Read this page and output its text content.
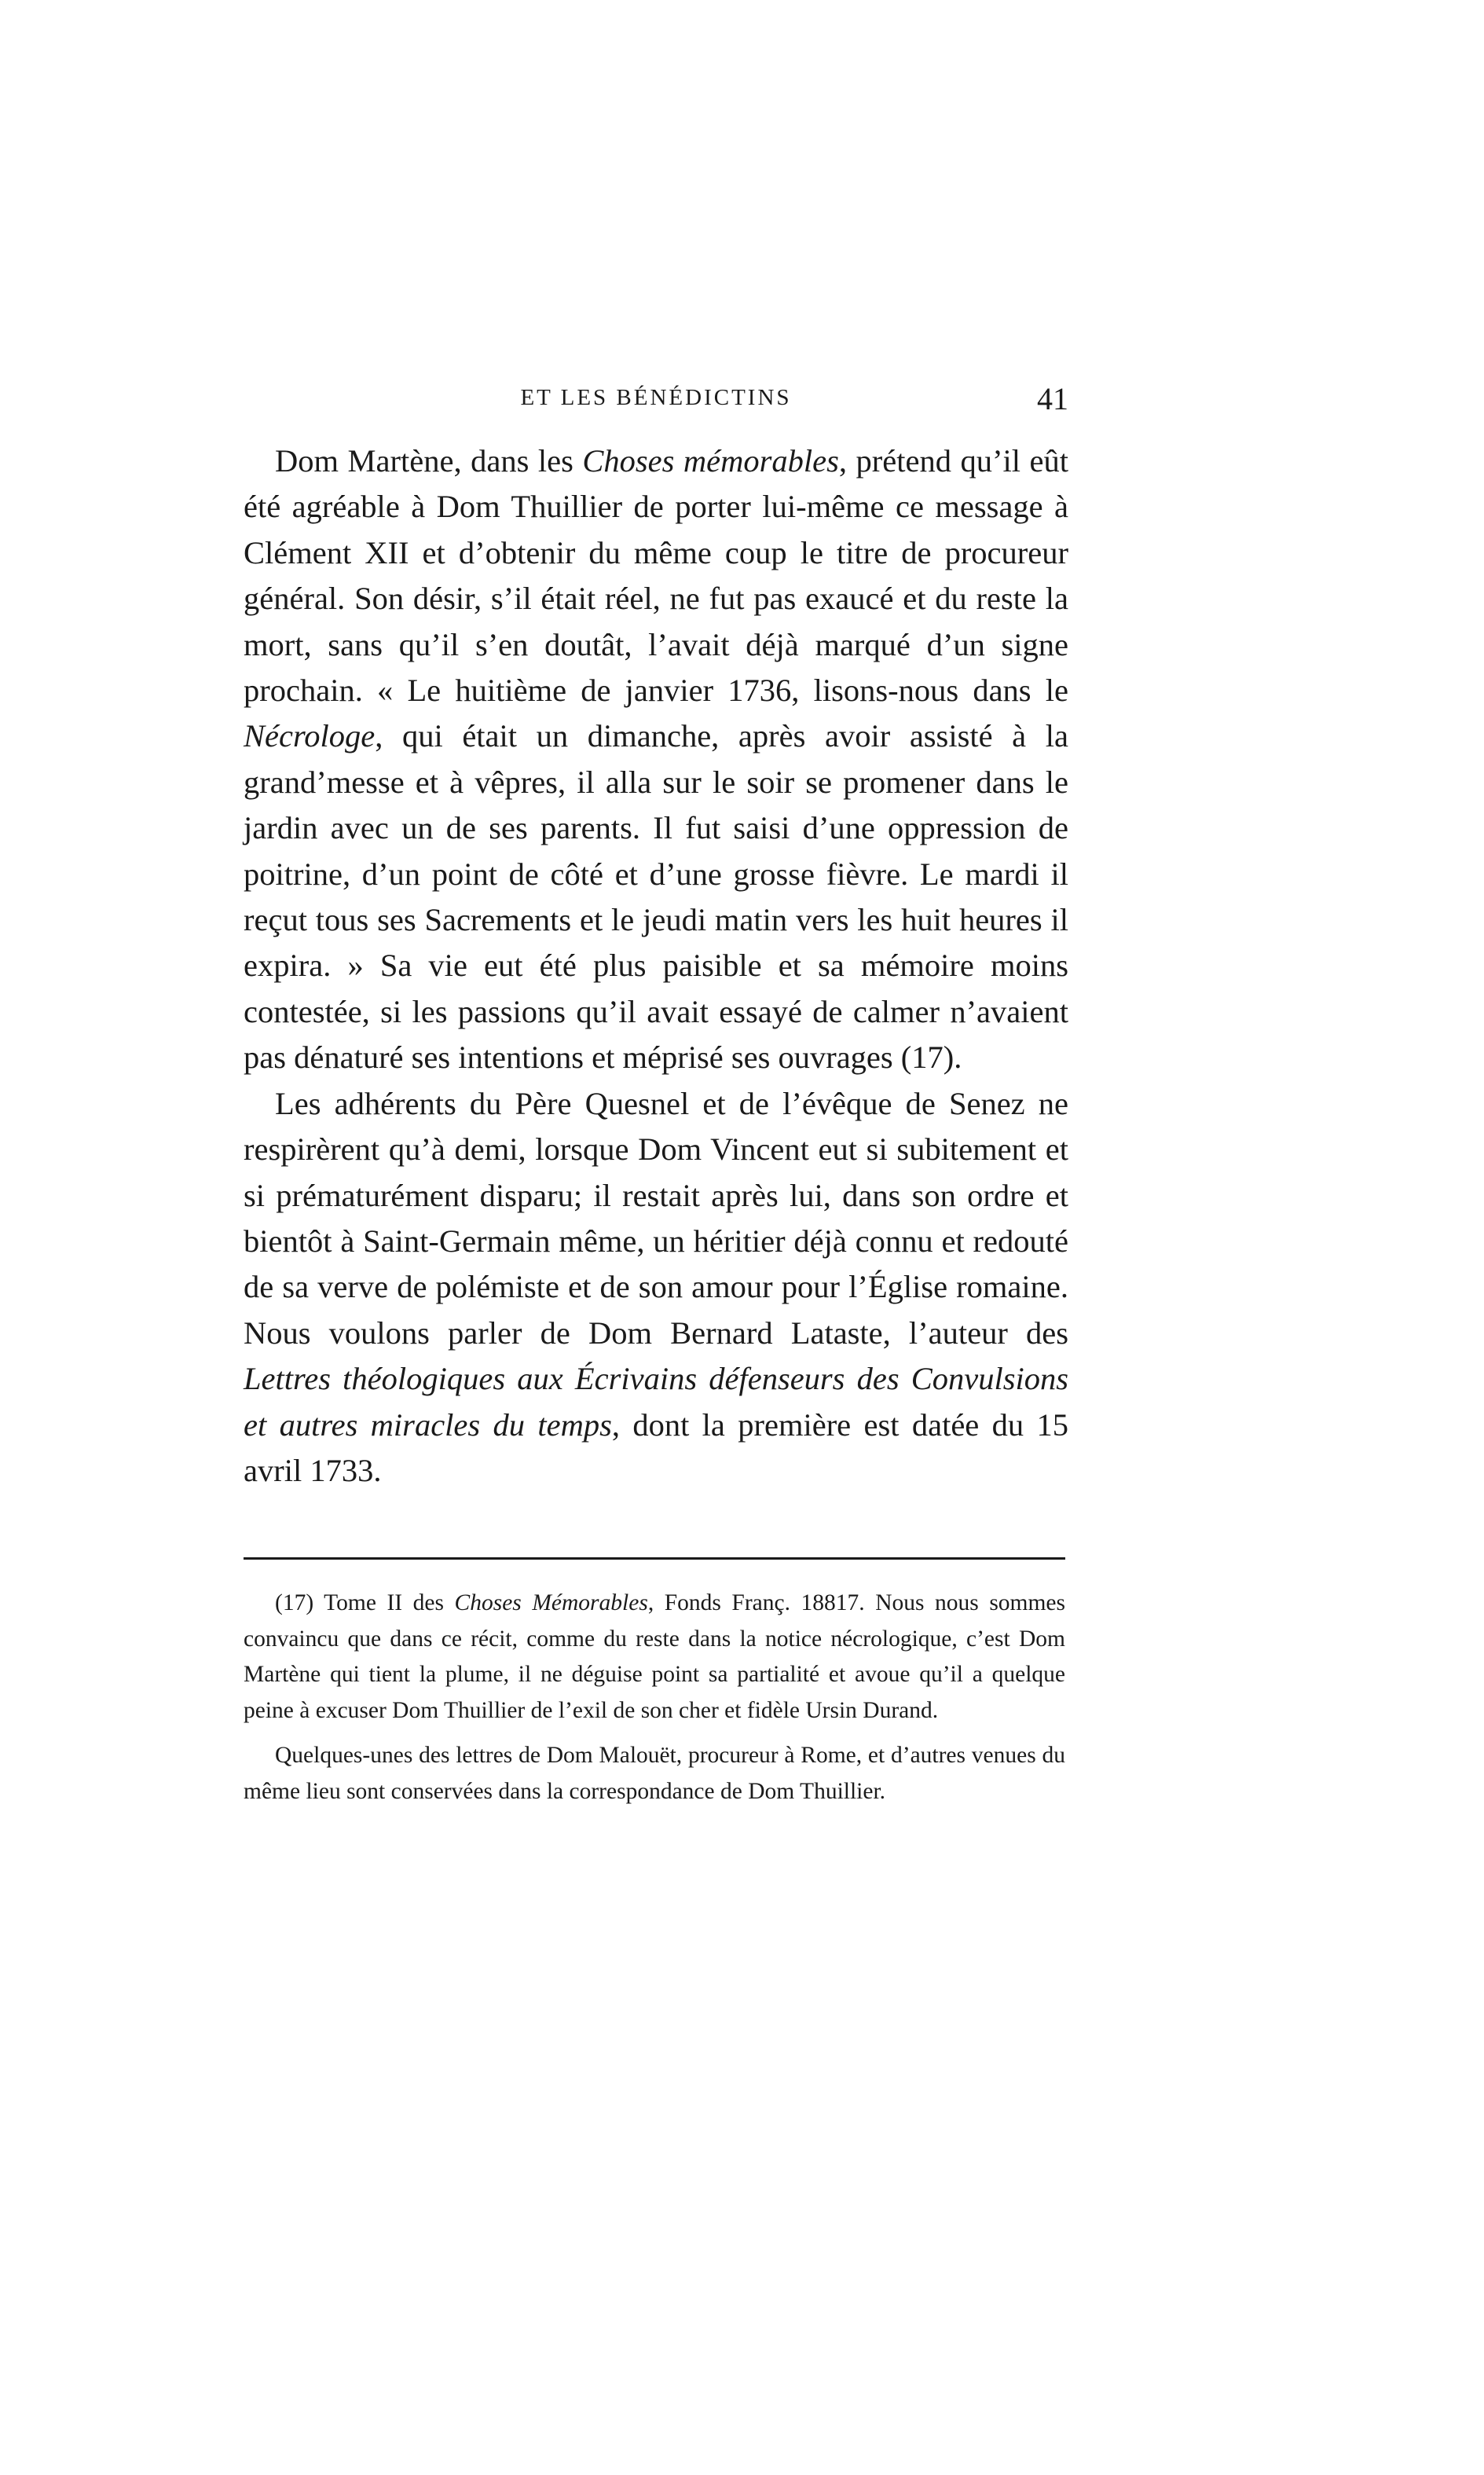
ET LES BÉNÉDICTINS	41

Dom Martène, dans les Choses mémorables, prétend qu’il eût été agréable à Dom Thuillier de porter lui-même ce message à Clément XII et d’obtenir du même coup le titre de procureur général. Son désir, s’il était réel, ne fut pas exaucé et du reste la mort, sans qu’il s’en doutât, l’avait déjà marqué d’un signe prochain. « Le huitième de janvier 1736, lisons-nous dans le Nécrologe, qui était un dimanche, après avoir assisté à la grand’messe et à vêpres, il alla sur le soir se promener dans le jardin avec un de ses parents. Il fut saisi d’une oppression de poitrine, d’un point de côté et d’une grosse fièvre. Le mardi il reçut tous ses Sacrements et le jeudi matin vers les huit heures il expira. » Sa vie eut été plus paisible et sa mémoire moins contestée, si les passions qu’il avait essayé de calmer n’avaient pas dénaturé ses intentions et méprisé ses ouvrages (17).

Les adhérents du Père Quesnel et de l’évêque de Senez ne respirèrent qu’à demi, lorsque Dom Vincent eut si subitement et si prématurément disparu; il restait après lui, dans son ordre et bientôt à Saint-Germain même, un héritier déjà connu et redouté de sa verve de polémiste et de son amour pour l’Église romaine. Nous voulons parler de Dom Bernard Lataste, l’auteur des Lettres théologiques aux Écrivains défenseurs des Convulsions et autres miracles du temps, dont la première est datée du 15 avril 1733.

(17) Tome II des Choses Mémorables, Fonds Franç. 18817. Nous nous sommes convaincu que dans ce récit, comme du reste dans la notice nécrologique, c’est Dom Martène qui tient la plume, il ne déguise point sa partialité et avoue qu’il a quelque peine à excuser Dom Thuillier de l’exil de son cher et fidèle Ursin Durand.

Quelques-unes des lettres de Dom Malouët, procureur à Rome, et d’autres venues du même lieu sont conservées dans la correspondance de Dom Thuillier.
